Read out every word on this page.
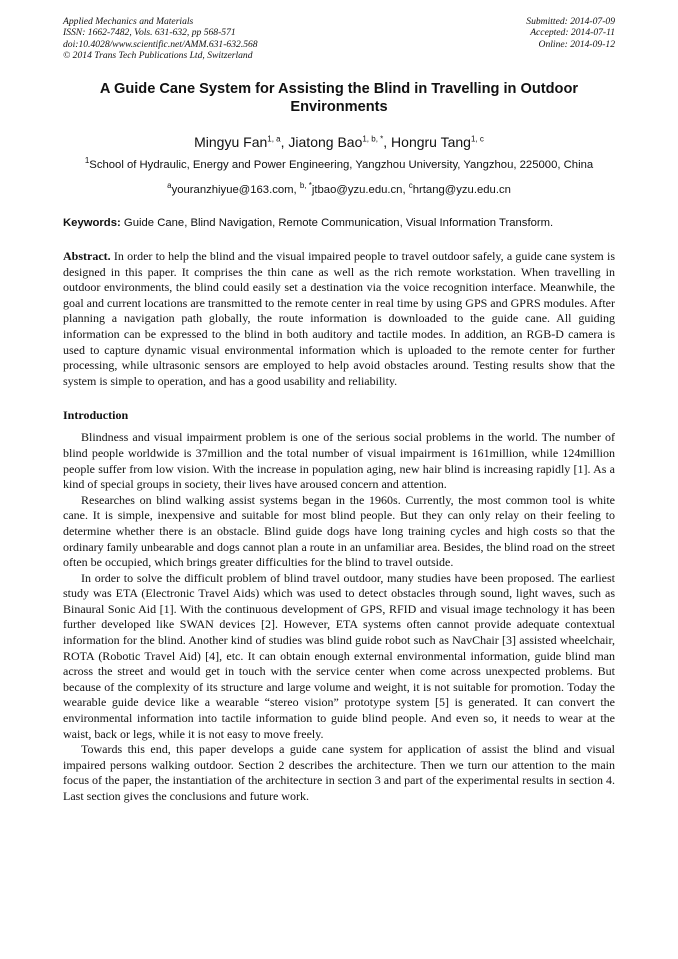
Applied Mechanics and Materials
ISSN: 1662-7482, Vols. 631-632, pp 568-571
doi:10.4028/www.scientific.net/AMM.631-632.568
© 2014 Trans Tech Publications Ltd, Switzerland
Submitted: 2014-07-09
Accepted: 2014-07-11
Online: 2014-09-12
A Guide Cane System for Assisting the Blind in Travelling in Outdoor Environments
Mingyu Fan$^{1, a}$, Jiatong Bao$^{1, b, *}$, Hongru Tang$^{1, c}$
$^1$School of Hydraulic, Energy and Power Engineering, Yangzhou University, Yangzhou, 225000, China
$^a$youranzhiyue@163.com, $^{b, *}$jtbao@yzu.edu.cn, $^c$hrtang@yzu.edu.cn
Keywords: Guide Cane, Blind Navigation, Remote Communication, Visual Information Transform.
Abstract. In order to help the blind and the visual impaired people to travel outdoor safely, a guide cane system is designed in this paper. It comprises the thin cane as well as the rich remote workstation. When travelling in outdoor environments, the blind could easily set a destination via the voice recognition interface. Meanwhile, the goal and current locations are transmitted to the remote center in real time by using GPS and GPRS modules. After planning a navigation path globally, the route information is downloaded to the guide cane. All guiding information can be expressed to the blind in both auditory and tactile modes. In addition, an RGB-D camera is used to capture dynamic visual environmental information which is uploaded to the remote center for further processing, while ultrasonic sensors are employed to help avoid obstacles around. Testing results show that the system is simple to operation, and has a good usability and reliability.
Introduction
Blindness and visual impairment problem is one of the serious social problems in the world. The number of blind people worldwide is 37million and the total number of visual impairment is 161million, while 124million people suffer from low vision. With the increase in population aging, new hair blind is increasing rapidly [1]. As a kind of special groups in society, their lives have aroused concern and attention.
Researches on blind walking assist systems began in the 1960s. Currently, the most common tool is white cane. It is simple, inexpensive and suitable for most blind people. But they can only relay on their feeling to determine whether there is an obstacle. Blind guide dogs have long training cycles and high costs so that the ordinary family unbearable and dogs cannot plan a route in an unfamiliar area. Besides, the blind road on the street often be occupied, which brings greater difficulties for the blind to travel outside.
In order to solve the difficult problem of blind travel outdoor, many studies have been proposed. The earliest study was ETA (Electronic Travel Aids) which was used to detect obstacles through sound, light waves, such as Binaural Sonic Aid [1]. With the continuous development of GPS, RFID and visual image technology it has been further developed like SWAN devices [2]. However, ETA systems often cannot provide adequate contextual information for the blind. Another kind of studies was blind guide robot such as NavChair [3] assisted wheelchair, ROTA (Robotic Travel Aid) [4], etc. It can obtain enough external environmental information, guide blind man across the street and would get in touch with the service center when come across unexpected problems. But because of the complexity of its structure and large volume and weight, it is not suitable for promotion. Today the wearable guide device like a wearable “stereo vision” prototype system [5] is generated. It can convert the environmental information into tactile information to guide blind people. And even so, it needs to wear at the waist, back or legs, while it is not easy to move freely.
Towards this end, this paper develops a guide cane system for application of assist the blind and visual impaired persons walking outdoor. Section 2 describes the architecture. Then we turn our attention to the main focus of the paper, the instantiation of the architecture in section 3 and part of the experimental results in section 4. Last section gives the conclusions and future work.
